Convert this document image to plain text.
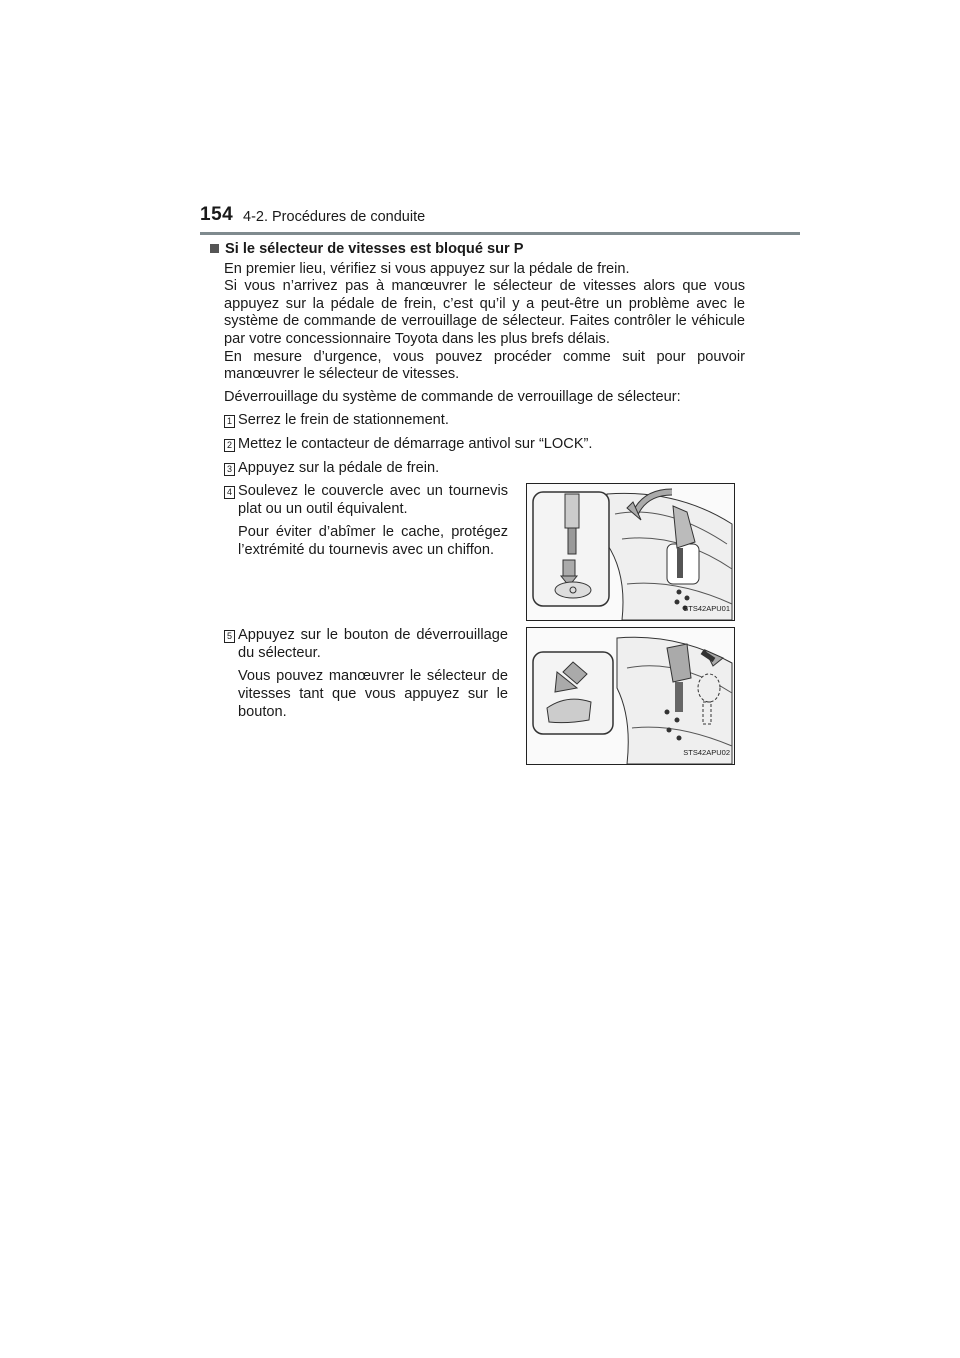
154 4-2. Procédures de conduite
Si le sélecteur de vitesses est bloqué sur P

En premier lieu, vérifiez si vous appuyez sur la pédale de frein.

Si vous n’arrivez pas à manœuvrer le sélecteur de vitesses alors que vous appuyez sur la pédale de frein, c’est qu’il y a peut-être un problème avec le système de commande de verrouillage de sélecteur. Faites contrôler le véhicule par votre concessionnaire Toyota dans les plus brefs délais.

En mesure d’urgence, vous pouvez procéder comme suit pour pouvoir manœuvrer le sélecteur de vitesses.

Déverrouillage du système de commande de verrouillage de sélecteur:

1 Serrez le frein de stationnement.

2 Mettez le contacteur de démarrage antivol sur “LOCK”.

3 Appuyez sur la pédale de frein.

4 Soulevez le couvercle avec un tournevis plat ou un outil équivalent.

Pour éviter d’abîmer le cache, protégez l’extrémité du tournevis avec un chiffon.

STS42APU01
5 Appuyez sur le bouton de déverrouillage du sélecteur.

Vous pouvez manœuvrer le sélecteur de vitesses tant que vous appuyez sur le bouton.

STS42APU02
